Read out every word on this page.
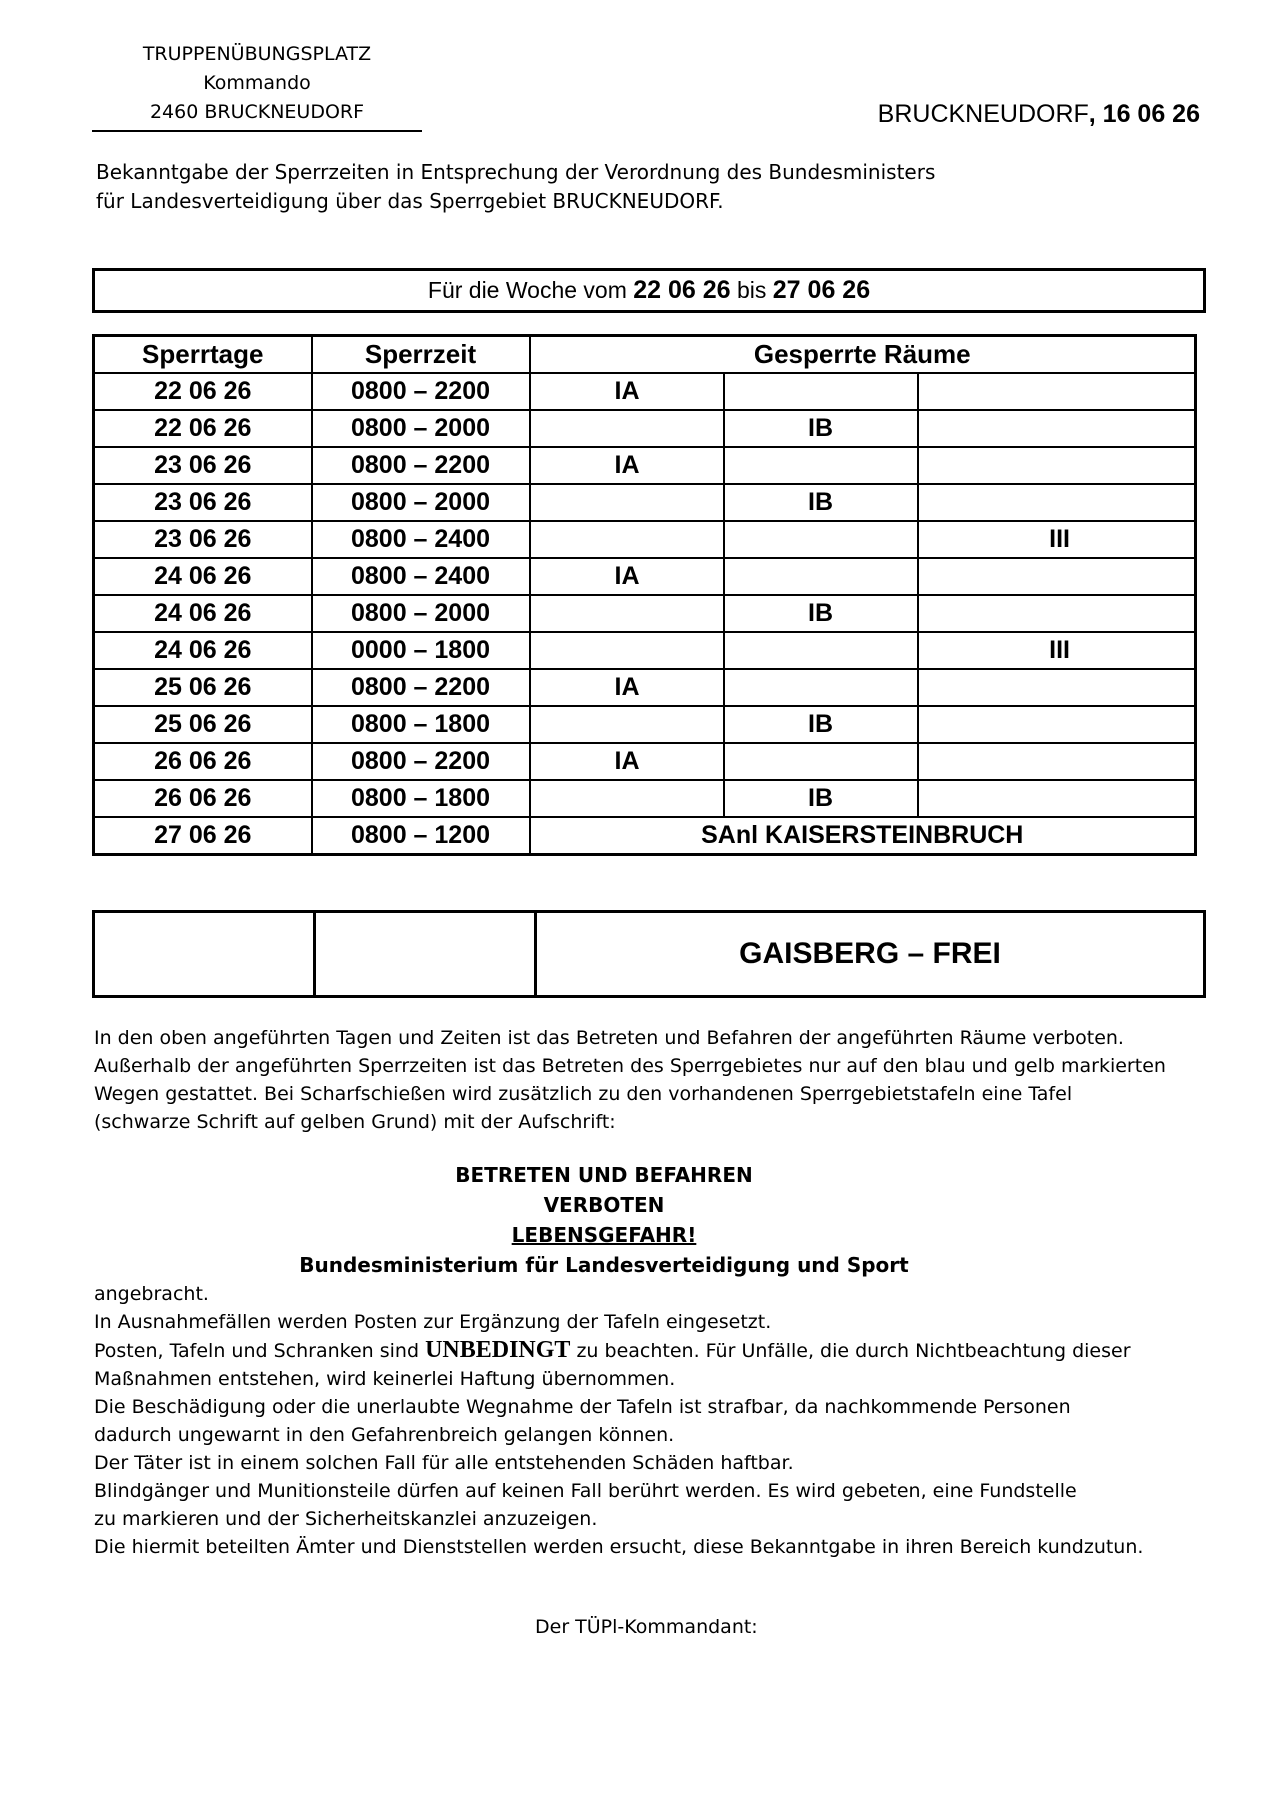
TRUPPENÜBUNGSPLATZ
Kommando
2460 BRUCKNEUDORF	BRUCKNEUDORF, 16 06 26
Bekanntgabe der Sperrzeiten in Entsprechung der Verordnung des Bundesministers
für Landesverteidigung über das Sperrgebiet BRUCKNEUDORF.
Für die Woche vom 22 06 26 bis 27 06 26
Sperrtage	Sperrzeit	Gesperrte Räume		
22 06 26	0800 – 2200	IA		
22 06 26	0800 – 2000		IB	
23 06 26	0800 – 2200	IA		
23 06 26	0800 – 2000		IB	
23 06 26	0800 – 2400			III
24 06 26	0800 – 2400	IA		
24 06 26	0800 – 2000		IB	
24 06 26	0000 – 1800			III
25 06 26	0800 – 2200	IA		
25 06 26	0800 – 1800		IB	
26 06 26	0800 – 2200	IA		
26 06 26	0800 – 1800		IB	
27 06 26	0800 – 1200	SAnl KAISERSTEINBRUCH		
		GAISBERG – FREI
In den oben angeführten Tagen und Zeiten ist das Betreten und Befahren der angeführten Räume verboten.
Außerhalb der angeführten Sperrzeiten ist das Betreten des Sperrgebietes nur auf den blau und gelb markierten
Wegen gestattet. Bei Scharfschießen wird zusätzlich zu den vorhandenen Sperrgebietstafeln eine Tafel
(schwarze Schrift auf gelben Grund) mit der Aufschrift:
BETRETEN UND BEFAHREN
VERBOTEN
LEBENSGEFAHR!
Bundesministerium für Landesverteidigung und Sport
angebracht.
In Ausnahmefällen werden Posten zur Ergänzung der Tafeln eingesetzt.
Posten, Tafeln und Schranken sind UNBEDINGT zu beachten. Für Unfälle, die durch Nichtbeachtung dieser
Maßnahmen entstehen, wird keinerlei Haftung übernommen.
Die Beschädigung oder die unerlaubte Wegnahme der Tafeln ist strafbar, da nachkommende Personen
dadurch ungewarnt in den Gefahrenbreich gelangen können.
Der Täter ist in einem solchen Fall für alle entstehenden Schäden haftbar.
Blindgänger und Munitionsteile dürfen auf keinen Fall berührt werden. Es wird gebeten, eine Fundstelle
zu markieren und der Sicherheitskanzlei anzuzeigen.
Die hiermit beteilten Ämter und Dienststellen werden ersucht, diese Bekanntgabe in ihren Bereich kundzutun.
Der TÜPl-Kommandant:
